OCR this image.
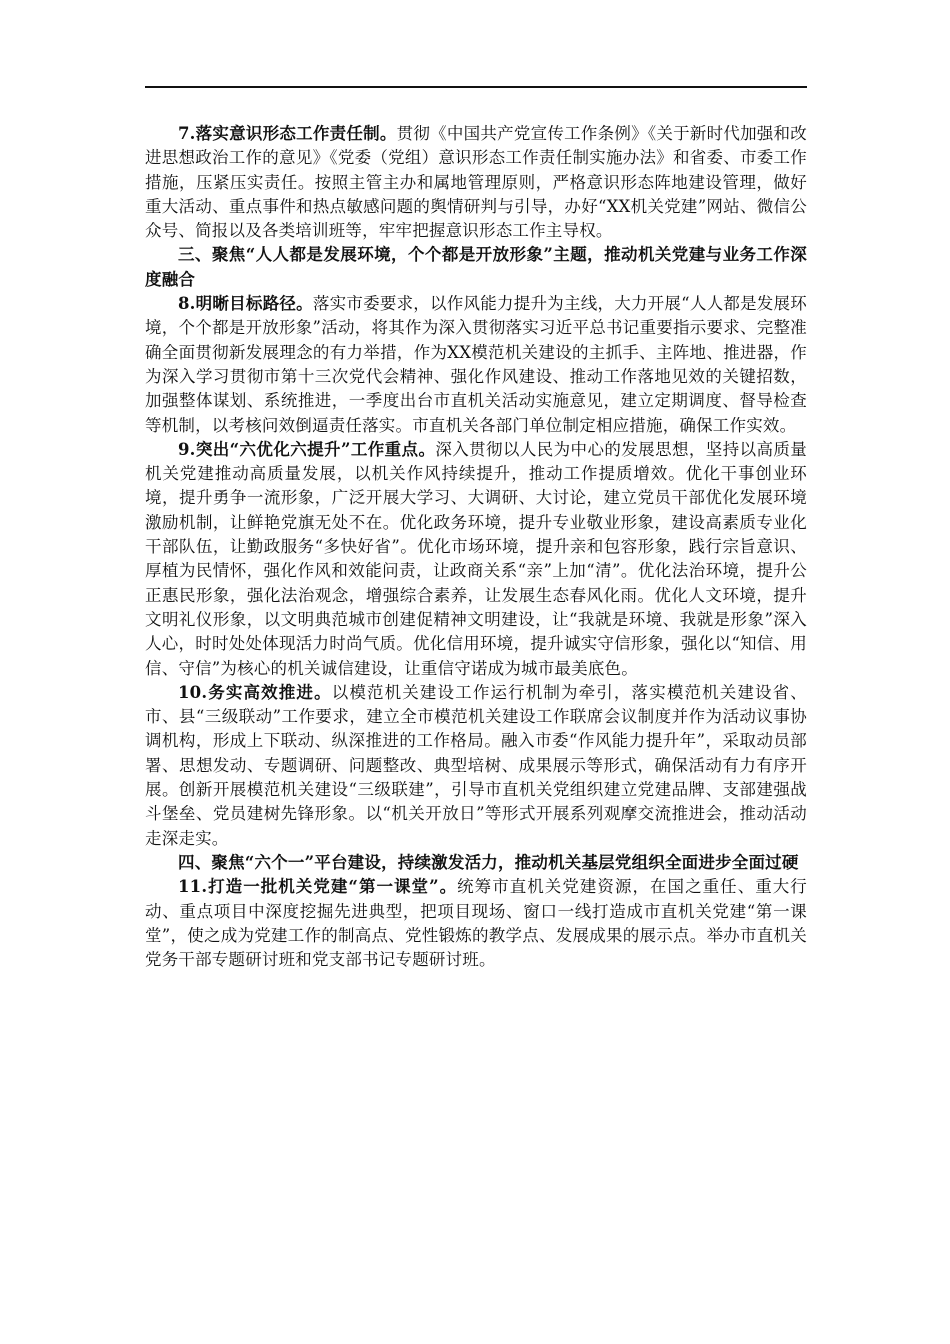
7.落实意识形态工作责任制。贯彻《中国共产党宣传工作条例》《关于新时代加强和改进思想政治工作的意见》《党委（党组）意识形态工作责任制实施办法》和省委、市委工作措施，压紧压实责任。按照主管主办和属地管理原则，严格意识形态阵地建设管理，做好重大活动、重点事件和热点敏感问题的舆情研判与引导，办好“XX机关党建”网站、微信公众号、简报以及各类培训班等，牢牢把握意识形态工作主导权。

三、聚焦“人人都是发展环境，个个都是开放形象”主题，推动机关党建与业务工作深度融合

8.明晰目标路径。落实市委要求，以作风能力提升为主线，大力开展“人人都是发展环境，个个都是开放形象”活动，将其作为深入贯彻落实习近平总书记重要指示要求、完整准确全面贯彻新发展理念的有力举措，作为XX模范机关建设的主抓手、主阵地、推进器，作为深入学习贯彻市第十三次党代会精神、强化作风建设、推动工作落地见效的关键招数，加强整体谋划、系统推进，一季度出台市直机关活动实施意见，建立定期调度、督导检查等机制，以考核问效倒逼责任落实。市直机关各部门单位制定相应措施，确保工作实效。

9.突出“六优化六提升”工作重点。深入贯彻以人民为中心的发展思想，坚持以高质量机关党建推动高质量发展，以机关作风持续提升，推动工作提质增效。优化干事创业环境，提升勇争一流形象，广泛开展大学习、大调研、大讨论，建立党员干部优化发展环境激励机制，让鲜艳党旗无处不在。优化政务环境，提升专业敬业形象，建设高素质专业化干部队伍，让勤政服务“多快好省”。优化市场环境，提升亲和包容形象，践行宗旨意识、厚植为民情怀，强化作风和效能问责，让政商关系“亲”上加“清”。优化法治环境，提升公正惠民形象，强化法治观念，增强综合素养，让发展生态春风化雨。优化人文环境，提升文明礼仪形象，以文明典范城市创建促精神文明建设，让“我就是环境、我就是形象”深入人心，时时处处体现活力时尚气质。优化信用环境，提升诚实守信形象，强化以“知信、用信、守信”为核心的机关诚信建设，让重信守诺成为城市最美底色。

10.务实高效推进。以模范机关建设工作运行机制为牵引，落实模范机关建设省、市、县“三级联动”工作要求，建立全市模范机关建设工作联席会议制度并作为活动议事协调机构，形成上下联动、纵深推进的工作格局。融入市委“作风能力提升年”，采取动员部署、思想发动、专题调研、问题整改、典型培树、成果展示等形式，确保活动有力有序开展。创新开展模范机关建设“三级联建”，引导市直机关党组织建立党建品牌、支部建强战斗堡垒、党员建树先锋形象。以“机关开放日”等形式开展系列观摩交流推进会，推动活动走深走实。

四、聚焦“六个一”平台建设，持续激发活力，推动机关基层党组织全面进步全面过硬

11.打造一批机关党建“第一课堂”。统筹市直机关党建资源，在国之重任、重大行动、重点项目中深度挖掘先进典型，把项目现场、窗口一线打造成市直机关党建“第一课堂”，使之成为党建工作的制高点、党性锻炼的教学点、发展成果的展示点。举办市直机关党务干部专题研讨班和党支部书记专题研讨班。
